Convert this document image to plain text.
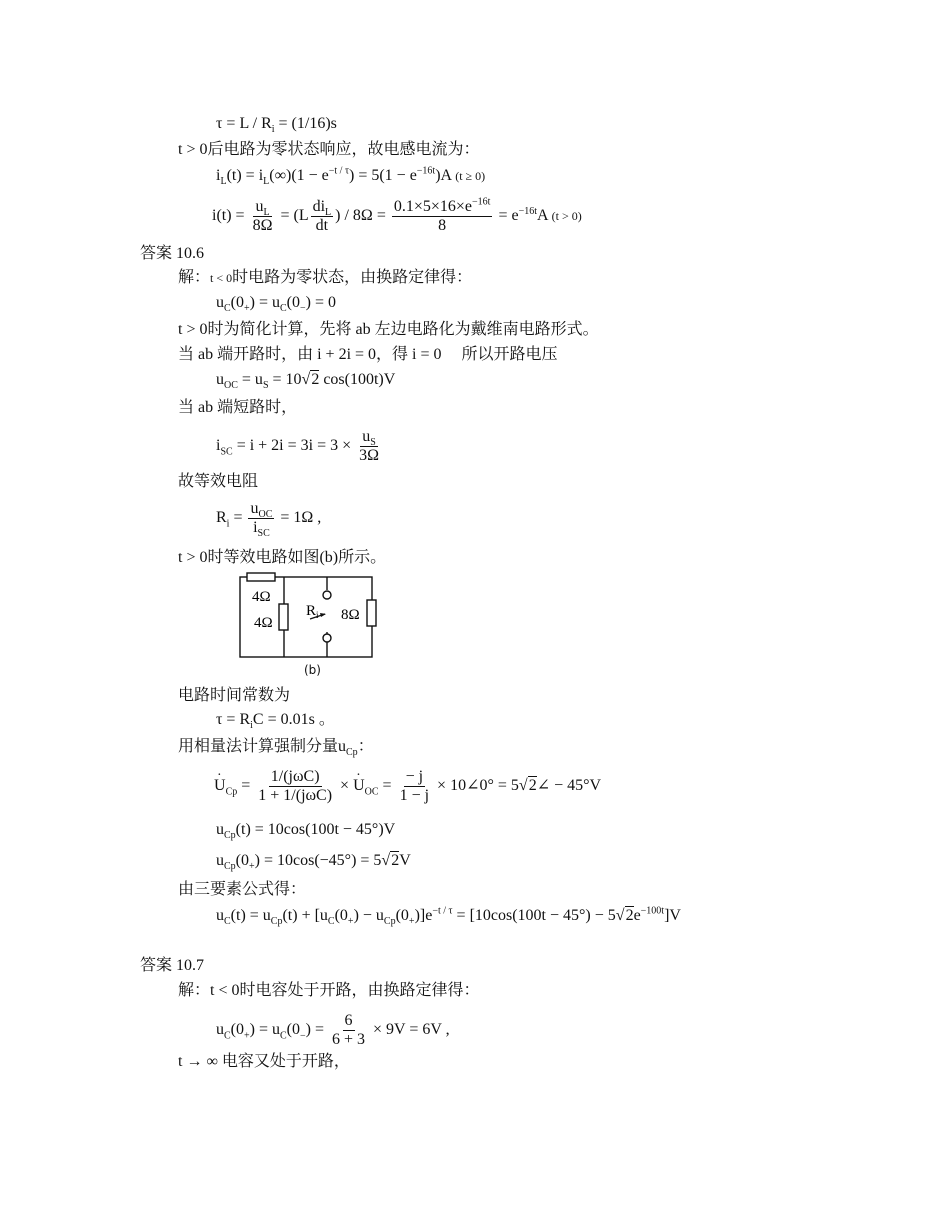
$\tau = L / R_i = (1/16)s$
t > 0后电路为零状态响应，故电感电流为：
$i_L(t) = i_L(\infty)(1 - e^{-t / \tau}) = 5(1 - e^{-16t})A$ (t ≥ 0)
$i(t) = \frac{u_L}{8\Omega} = (L \frac{di_L}{dt}$ ) / $8\Omega = \frac{0.1\times 5\times 16\times e^{-16t}}{8} = e^{-16t}A$ (t > 0)
答案 10.6
解：t < 0时电路为零状态，由换路定律得：
$u_C(0_+) = u_C(0_-) = 0$
t > 0时为简化计算，先将 ab 左边电路化为戴维南电路形式。
当 ab 端开路时，由 i + 2i = 0，得 i = 0　 所以开路电压
$u_{OC} = u_S = 10√2$ cos(100t)V
当 ab 端短路时，
$i_{SC} = i + 2i = 3i = 3 \times \frac{u_S}{3\Omega}$
故等效电阻
$R_i = \frac{u_{OC}}{i_{SC}} = 1\Omega$ ,
t > 0时等效电路如图(b)所示。
4Ω
4Ω
$R_i$ 8Ω
(b)
电路时间常数为
$\tau = R_iC = 0.01s$ 。
用相量法计算强制分量$u_{Cp}$：
· $U_{Cp} = \frac{\text{1/(jωC)}}{\text{1 + 1/(jωC)}}$ × · $U_{OC} = \frac{- j}{1 - j}$ × 10∠0° = 5√2∠ − 45°V
$u_{Cp}(t) = 10\cos(100t - 45^\circ)V$
$u_{Cp}(0_+) = 10\cos(-45^\circ) = 5√2V$
由三要素公式得：
$u_C(t) = u_{Cp}(t) + [u_C(0_+) - u_{Cp}(0_+)]e^{-t / \tau} = [10\cos(100t - 45^\circ) - 5√2e^{-100t}]V$
答案 10.7
解：t < 0时电容处于开路，由换路定律得：
$u_C(0_+) = u_C(0_-) = \frac{6}{6 + 3} \times 9V = 6V$ ,
t → ∞ 电容又处于开路，
